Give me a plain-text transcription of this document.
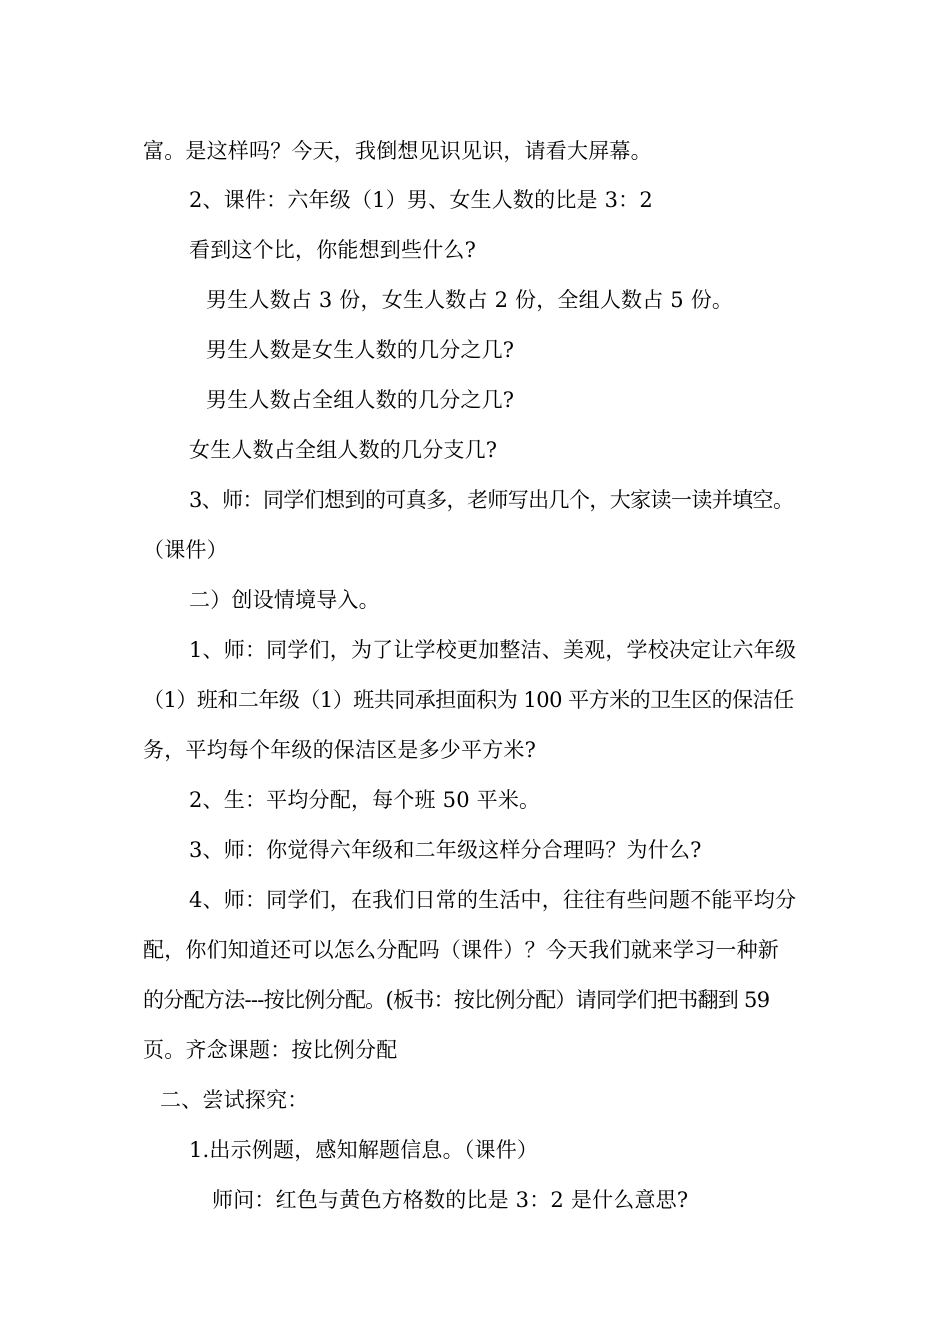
富。是这样吗？今天，我倒想见识见识，请看大屏幕。
2、课件：六年级（1）男、女生人数的比是 3：2
看到这个比，你能想到些什么?
男生人数占 3 份，女生人数占 2 份，全组人数占 5 份。
男生人数是女生人数的几分之几?
男生人数占全组人数的几分之几?
女生人数占全组人数的几分支几?
3、师：同学们想到的可真多，老师写出几个，大家读一读并填空。
（课件）
二）创设情境导入。
1、师：同学们，为了让学校更加整洁、美观，学校决定让六年级
（1）班和二年级（1）班共同承担面积为 100 平方米的卫生区的保洁任
务，平均每个年级的保洁区是多少平方米?
2、生：平均分配，每个班 50 平米。
3、师：你觉得六年级和二年级这样分合理吗？为什么?
4、师：同学们，在我们日常的生活中，往往有些问题不能平均分
配，你们知道还可以怎么分配吗（课件）？今天我们就来学习一种新
的分配方法---按比例分配。(板书：按比例分配）请同学们把书翻到 59
页。齐念课题：按比例分配
二、尝试探究：
1.出示例题，感知解题信息。（课件）
师问：红色与黄色方格数的比是 3：2 是什么意思?
